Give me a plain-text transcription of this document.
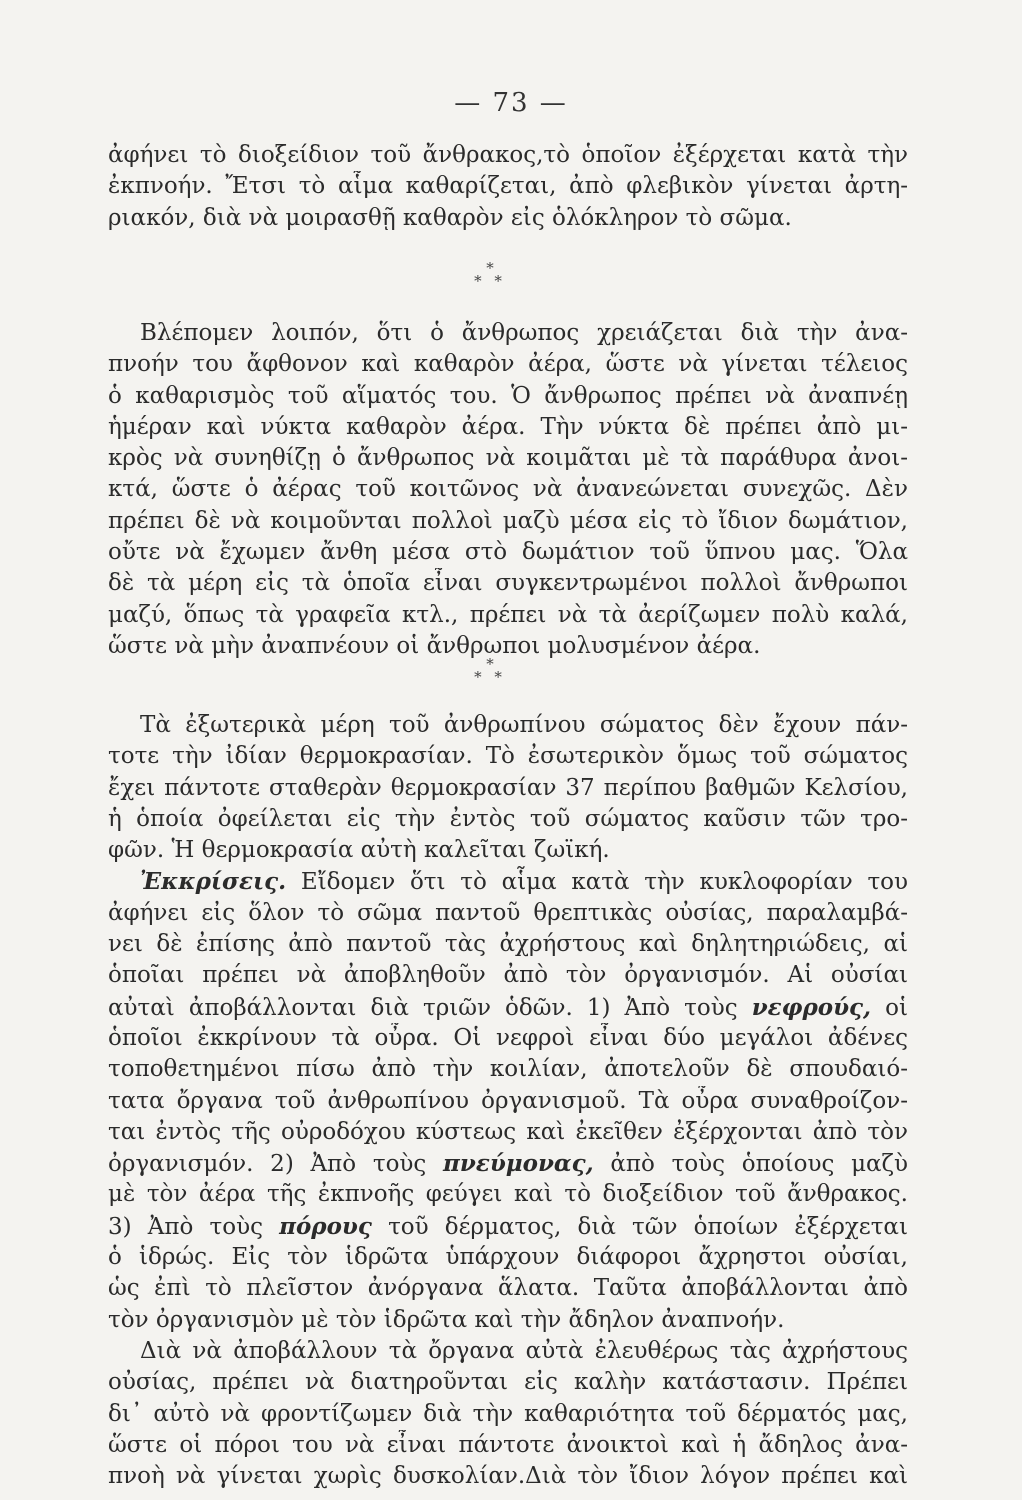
— 73 —
ἀφήνει τὸ διοξείδιον τοῦ ἄνθρακος,τὸ ὁποῖον ἐξέρχεται κατὰ τὴν
ἐκπνοήν. Ἔτσι τὸ αἷμα καθαρίζεται, ἀπὸ φλεβικὸν γίνεται ἀρτη-
ριακόν, διὰ νὰ μοιρασθῇ καθαρὸν εἰς ὁλόκληρον τὸ σῶμα.
*
* *
Βλέπομεν λοιπόν, ὅτι ὁ ἄνθρωπος χρειάζεται διὰ τὴν ἀνα-
πνοήν του ἄφθονον καὶ καθαρὸν ἀέρα, ὥστε νὰ γίνεται τέλειος
ὁ καθαρισμὸς τοῦ αἵματός του. Ὁ ἄνθρωπος πρέπει νὰ ἀναπνέῃ
ἡμέραν καὶ νύκτα καθαρὸν ἀέρα. Τὴν νύκτα δὲ πρέπει ἀπὸ μι-
κρὸς νὰ συνηθίζῃ ὁ ἄνθρωπος νὰ κοιμᾶται μὲ τὰ παράθυρα ἀνοι-
κτά, ὥστε ὁ ἀέρας τοῦ κοιτῶνος νὰ ἀνανεώνεται συνεχῶς. Δὲν
πρέπει δὲ νὰ κοιμοῦνται πολλοὶ μαζὺ μέσα εἰς τὸ ἴδιον δωμάτιον,
οὔτε νὰ ἔχωμεν ἄνθη μέσα στὸ δωμάτιον τοῦ ὕπνου μας. Ὅλα
δὲ τὰ μέρη εἰς τὰ ὁποῖα εἶναι συγκεντρωμένοι πολλοὶ ἄνθρωποι
μαζύ, ὅπως τὰ γραφεῖα κτλ., πρέπει νὰ τὰ ἀερίζωμεν πολὺ καλά,
ὥστε νὰ μὴν ἀναπνέουν οἱ ἄνθρωποι μολυσμένον ἀέρα.
*
* *
Τὰ ἐξωτερικὰ μέρη τοῦ ἀνθρωπίνου σώματος δὲν ἔχουν πάν-
τοτε τὴν ἰδίαν θερμοκρασίαν. Τὸ ἐσωτερικὸν ὅμως τοῦ σώματος
ἔχει πάντοτε σταθερὰν θερμοκρασίαν 37 περίπου βαθμῶν Κελσίου,
ἡ ὁποία ὀφείλεται εἰς τὴν ἐντὸς τοῦ σώματος καῦσιν τῶν τρο-
φῶν. Ἡ θερμοκρασία αὐτὴ καλεῖται ζωϊκή.
Ἐκκρίσεις. Εἴδομεν ὅτι τὸ αἷμα κατὰ τὴν κυκλοφορίαν του
ἀφήνει εἰς ὅλον τὸ σῶμα παντοῦ θρεπτικὰς οὐσίας, παραλαμβά-
νει δὲ ἐπίσης ἀπὸ παντοῦ τὰς ἀχρήστους καὶ δηλητηριώδεις, αἱ
ὁποῖαι πρέπει νὰ ἀποβληθοῦν ἀπὸ τὸν ὀργανισμόν. Αἱ οὐσίαι
αὐταὶ ἀποβάλλονται διὰ τριῶν ὁδῶν. 1) Ἀπὸ τοὺς νεφρούς, οἱ
ὁποῖοι ἐκκρίνουν τὰ οὖρα. Οἱ νεφροὶ εἶναι δύο μεγάλοι ἀδένες
τοποθετημένοι πίσω ἀπὸ τὴν κοιλίαν, ἀποτελοῦν δὲ σπουδαιό-
τατα ὄργανα τοῦ ἀνθρωπίνου ὀργανισμοῦ. Τὰ οὖρα συναθροίζον-
ται ἐντὸς τῆς οὐροδόχου κύστεως καὶ ἐκεῖθεν ἐξέρχονται ἀπὸ τὸν
ὀργανισμόν. 2) Ἀπὸ τοὺς πνεύμονας, ἀπὸ τοὺς ὁποίους μαζὺ
μὲ τὸν ἀέρα τῆς ἐκπνοῆς φεύγει καὶ τὸ διοξείδιον τοῦ ἄνθρακος.
3) Ἀπὸ τοὺς πόρους τοῦ δέρματος, διὰ τῶν ὁποίων ἐξέρχεται
ὁ ἱδρώς. Εἰς τὸν ἱδρῶτα ὑπάρχουν διάφοροι ἄχρηστοι οὐσίαι,
ὡς ἐπὶ τὸ πλεῖστον ἀνόργανα ἅλατα. Ταῦτα ἀποβάλλονται ἀπὸ
τὸν ὀργανισμὸν μὲ τὸν ἱδρῶτα καὶ τὴν ἄδηλον ἀναπνοήν.
Διὰ νὰ ἀποβάλλουν τὰ ὄργανα αὐτὰ ἐλευθέρως τὰς ἀχρήστους
οὐσίας, πρέπει νὰ διατηροῦνται εἰς καλὴν κατάστασιν. Πρέπει
δι᾽ αὐτὸ νὰ φροντίζωμεν διὰ τὴν καθαριότητα τοῦ δέρματός μας,
ὥστε οἱ πόροι του νὰ εἶναι πάντοτε ἀνοικτοὶ καὶ ἡ ἄδηλος ἀνα-
πνοὴ νὰ γίνεται χωρὶς δυσκολίαν.Διὰ τὸν ἴδιον λόγον πρέπει καὶ
